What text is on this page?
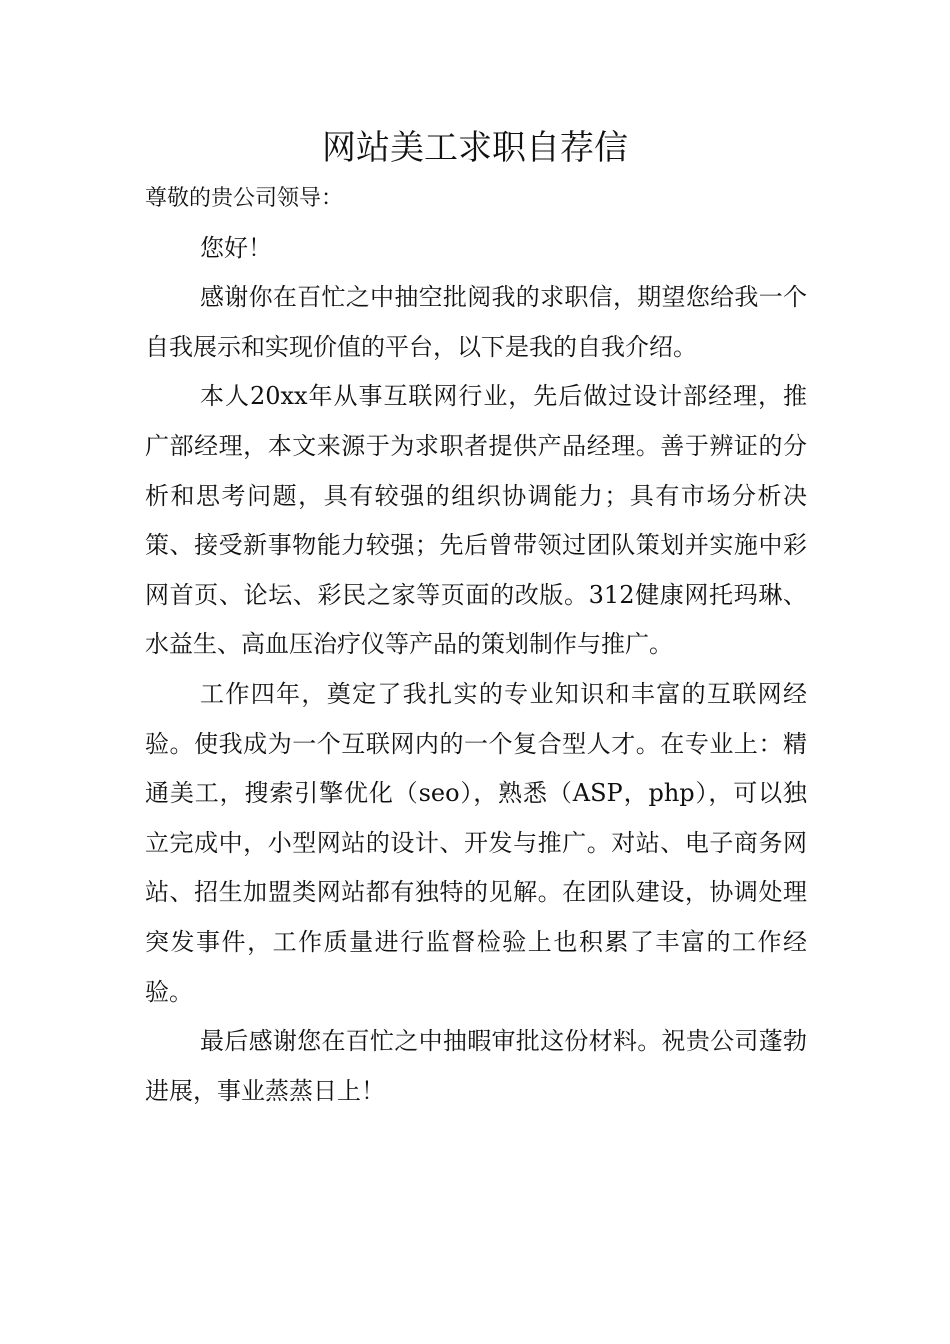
网站美工求职自荐信

尊敬的贵公司领导：

您好！

感谢你在百忙之中抽空批阅我的求职信，期望您给我一个自我展示和实现价值的平台，以下是我的自我介绍。

本人20xx年从事互联网行业，先后做过设计部经理，推广部经理，本文来源于为求职者提供产品经理。善于辨证的分析和思考问题，具有较强的组织协调能力；具有市场分析决策、接受新事物能力较强；先后曾带领过团队策划并实施中彩网首页、论坛、彩民之家等页面的改版。312健康网托玛琳、水益生、高血压治疗仪等产品的策划制作与推广。

工作四年，奠定了我扎实的专业知识和丰富的互联网经验。使我成为一个互联网内的一个复合型人才。在专业上：精通美工，搜索引擎优化（seo），熟悉（ASP，php），可以独立完成中，小型网站的设计、开发与推广。对站、电子商务网站、招生加盟类网站都有独特的见解。在团队建设，协调处理突发事件，工作质量进行监督检验上也积累了丰富的工作经验。

最后感谢您在百忙之中抽暇审批这份材料。祝贵公司蓬勃进展，事业蒸蒸日上！
